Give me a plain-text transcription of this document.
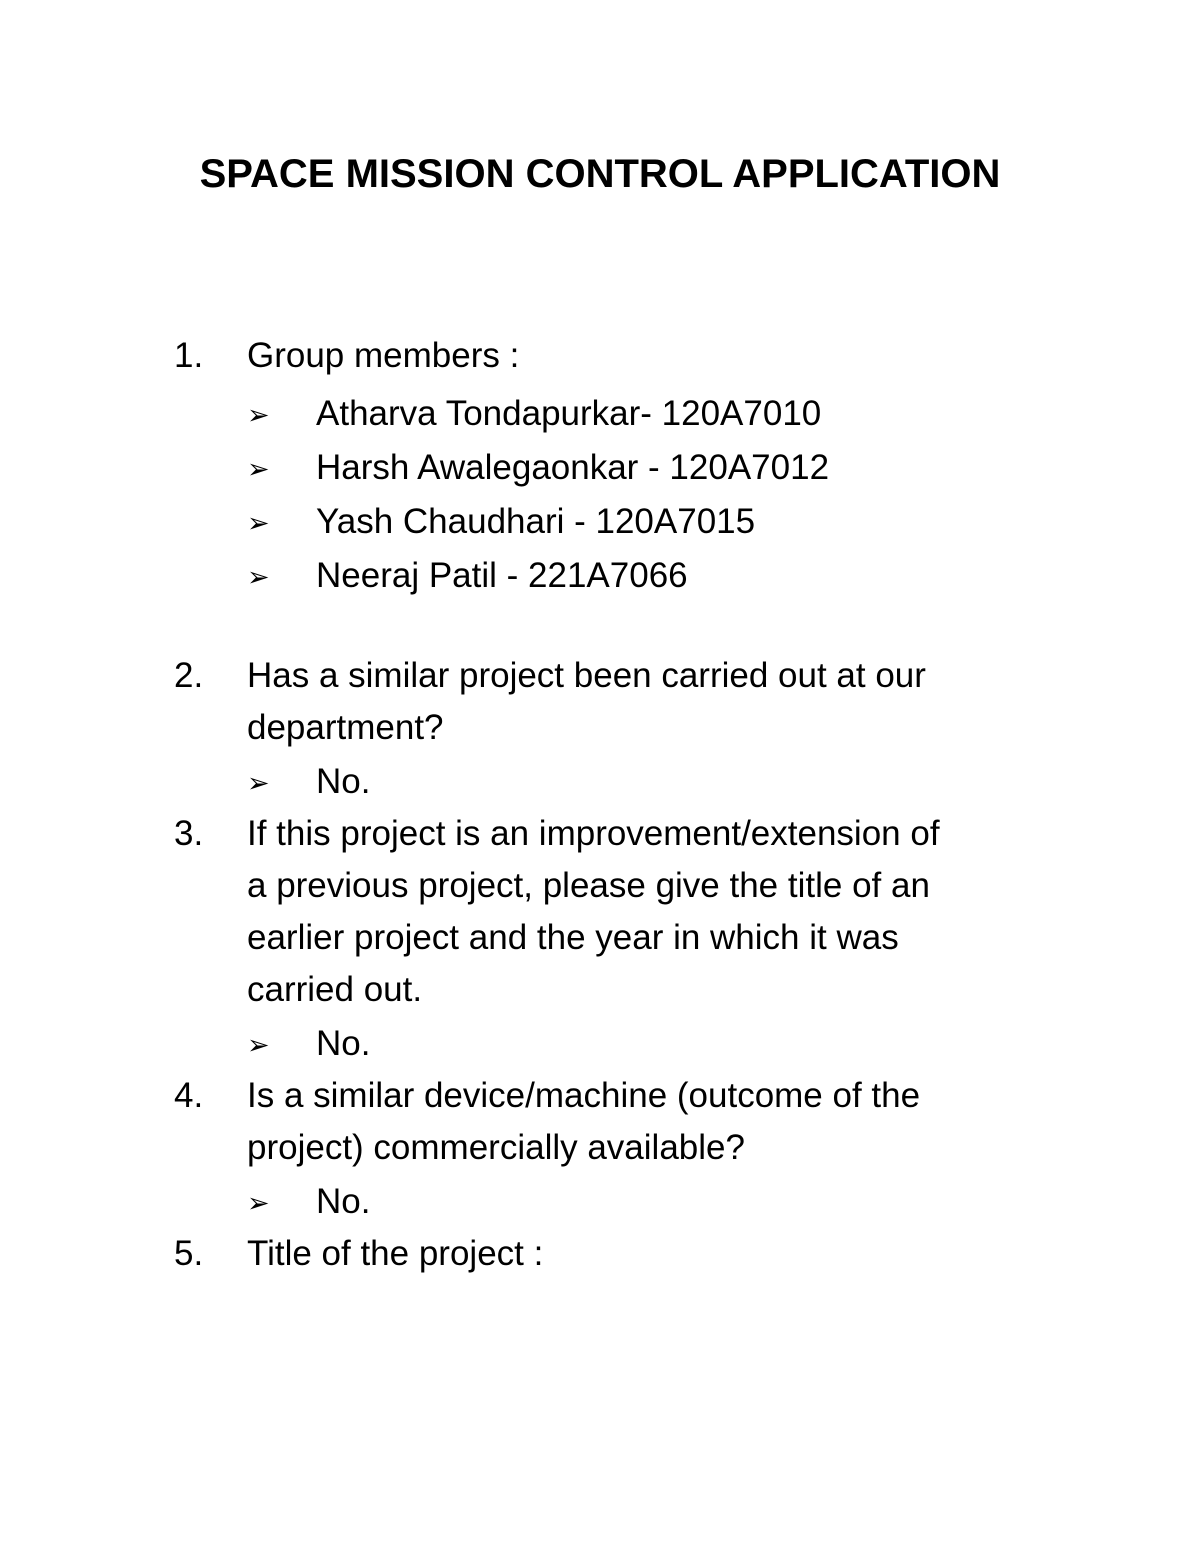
SPACE MISSION CONTROL APPLICATION
1. Group members :
➢ Atharva Tondapurkar- 120A7010
➢ Harsh Awalegaonkar - 120A7012
➢ Yash Chaudhari - 120A7015
➢ Neeraj Patil - 221A7066
2. Has a similar project been carried out at our
department?
➢ No.
3. If this project is an improvement/extension of
a previous project, please give the title of an
earlier project and the year in which it was
carried out.
➢ No.
4. Is a similar device/machine (outcome of the
project) commercially available?
➢ No.
5. Title of the project :
